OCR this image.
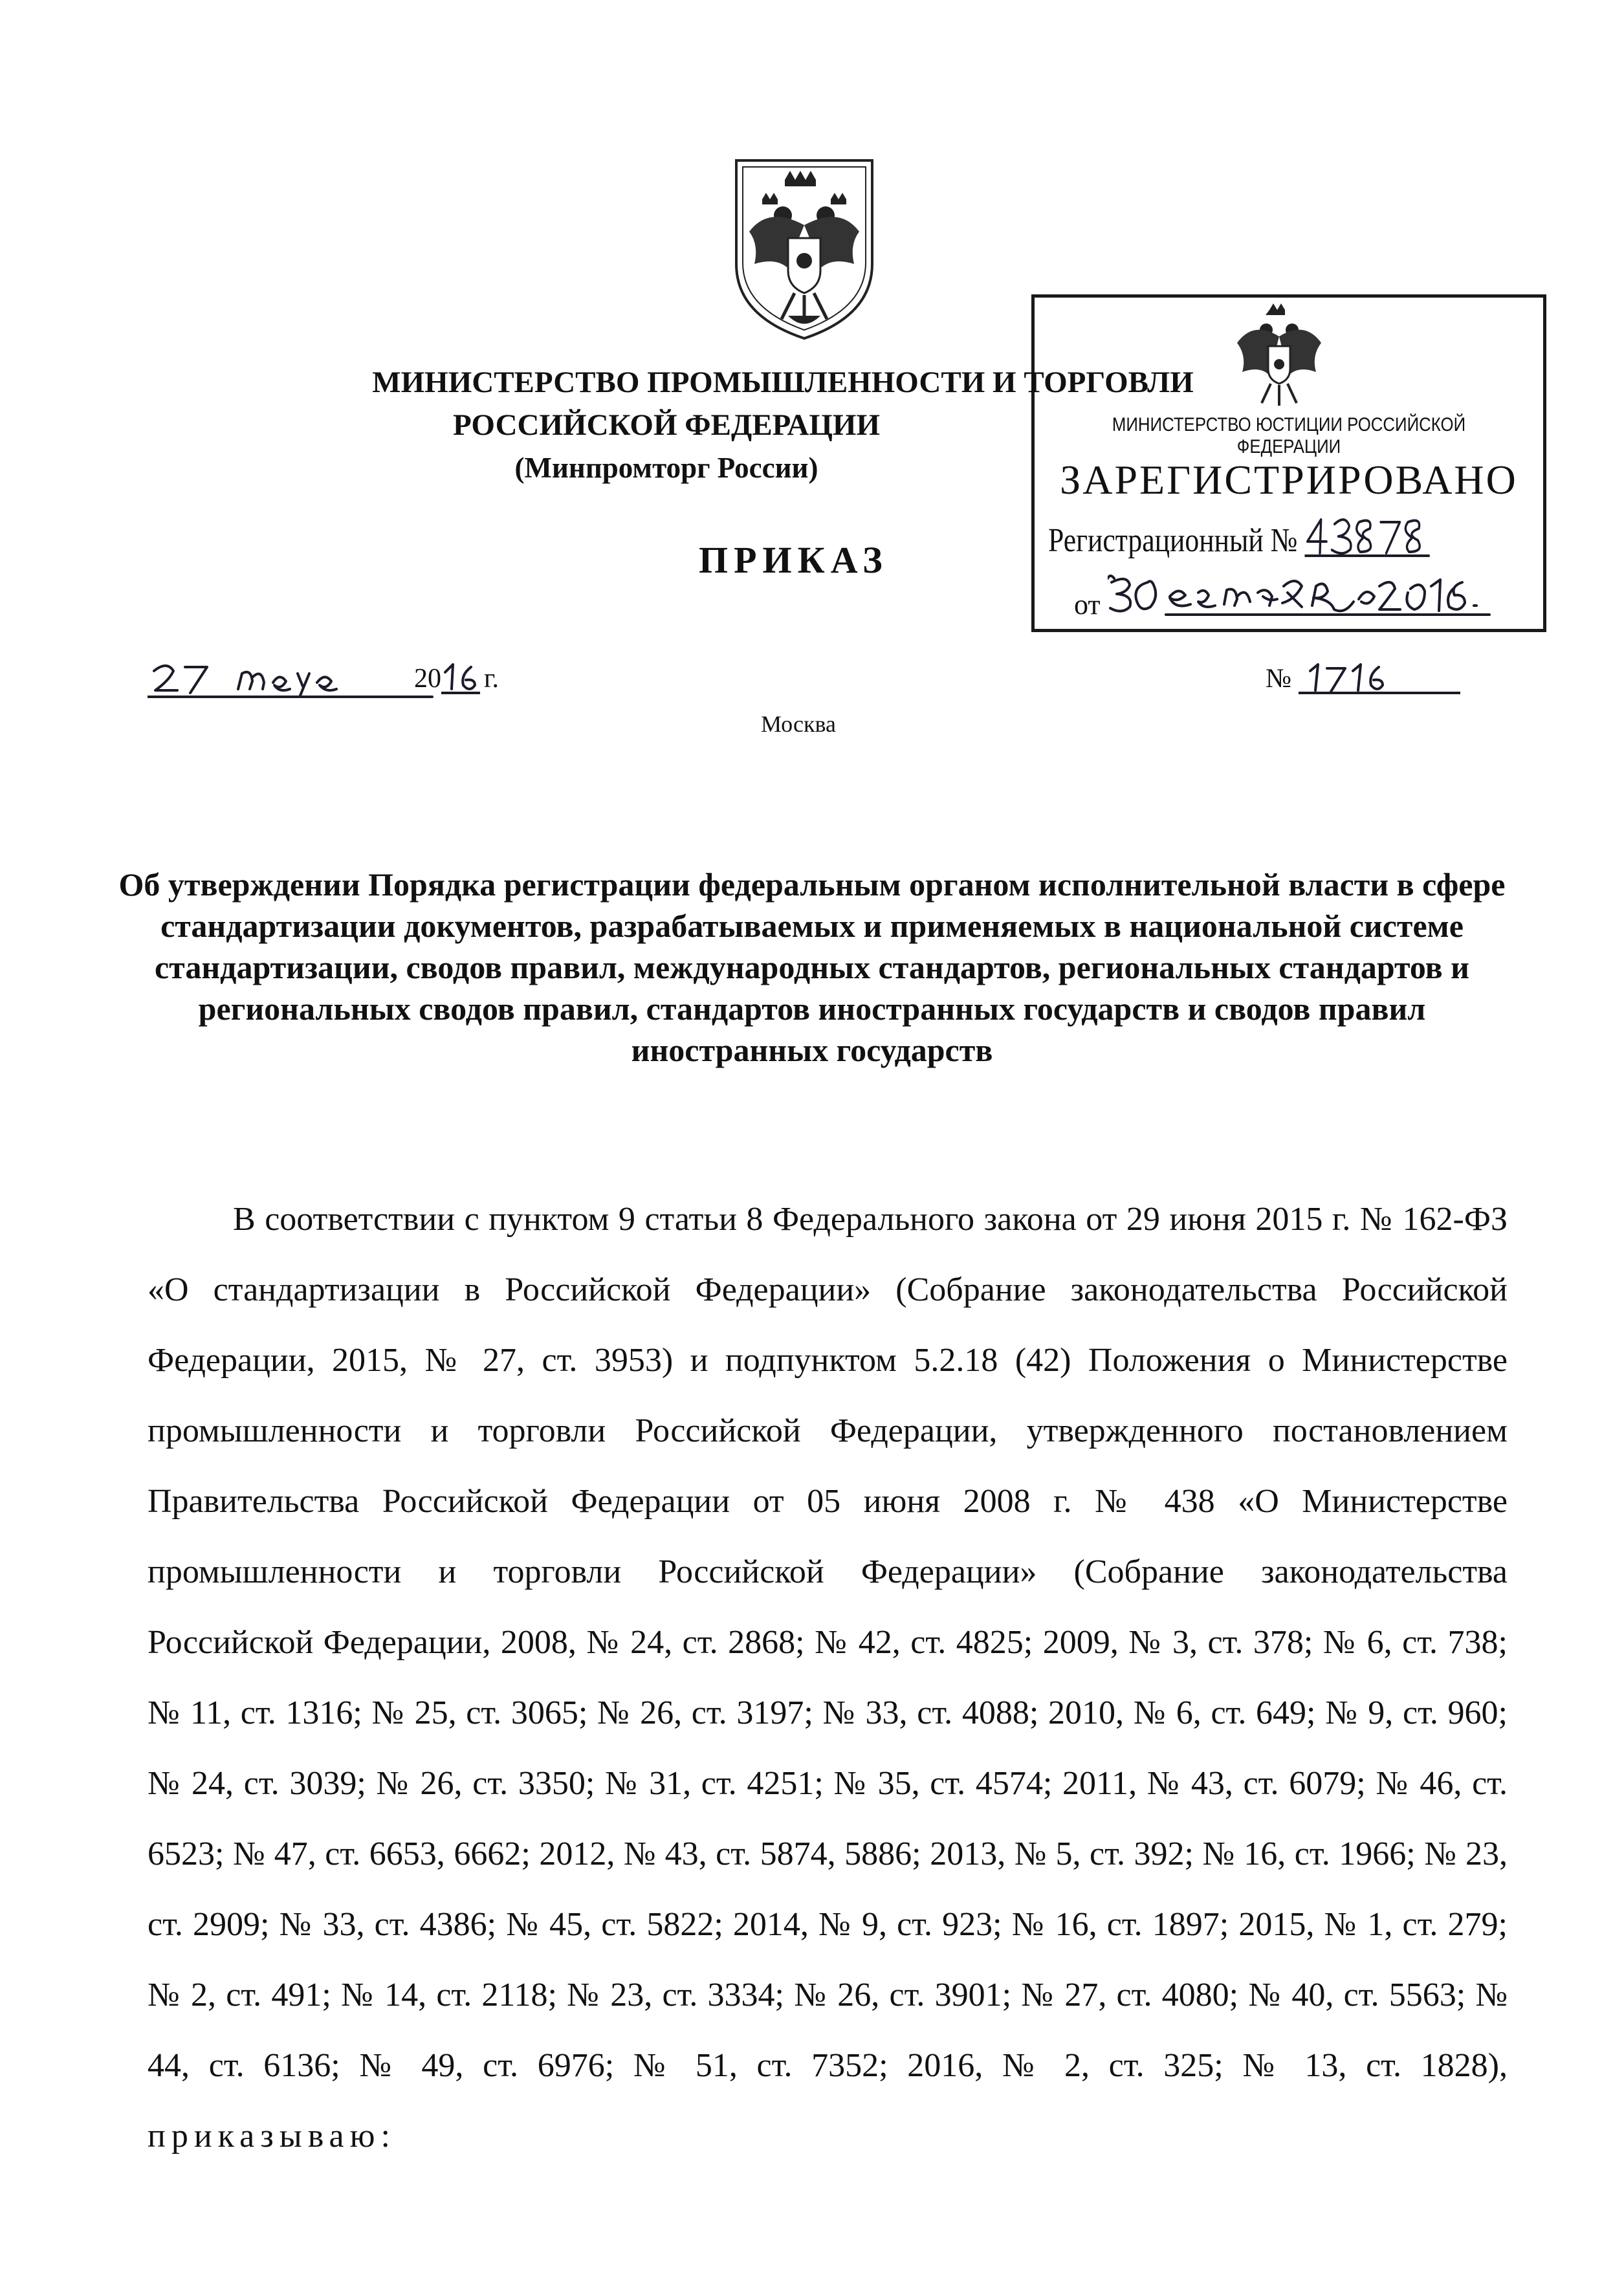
МИНИСТЕРСТВО ЮСТИЦИИ РОССИЙСКОЙ ФЕДЕРАЦИИ
ЗАРЕГИСТРИРОВАНО
Регистрационный №
от
МИНИСТЕРСТВО ПРОМЫШЛЕННОСТИ И ТОРГОВЛИ
РОССИЙСКОЙ ФЕДЕРАЦИИ
(Минпромторг России)
ПРИКАЗ
20 г.	№
Москва
Об утверждении Порядка регистрации федеральным органом исполнительной власти в сфере стандартизации документов, разрабатываемых и применяемых в национальной системе стандартизации, сводов правил, международных стандартов, региональных стандартов и региональных сводов правил, стандартов иностранных государств и сводов правил иностранных государств
В соответствии с пунктом 9 статьи 8 Федерального закона от 29 июня 2015 г. № 162-ФЗ «О стандартизации в Российской Федерации» (Собрание законодательства Российской Федерации, 2015, № 27, ст. 3953) и подпунктом 5.2.18 (42) Положения о Министерстве промышленности и торговли Российской Федерации, утвержденного постановлением Правительства Российской Федерации от 05 июня 2008 г. № 438 «О Министерстве промышленности и торговли Российской Федерации» (Собрание законодательства Российской Федерации, 2008, № 24, ст. 2868; № 42, ст. 4825; 2009, № 3, ст. 378; № 6, ст. 738; № 11, ст. 1316; № 25, ст. 3065; № 26, ст. 3197; № 33, ст. 4088; 2010, № 6, ст. 649; № 9, ст. 960; № 24, ст. 3039; № 26, ст. 3350; № 31, ст. 4251; № 35, ст. 4574; 2011, № 43, ст. 6079; № 46, ст. 6523; № 47, ст. 6653, 6662; 2012, № 43, ст. 5874, 5886; 2013, № 5, ст. 392; № 16, ст. 1966; № 23, ст. 2909; № 33, ст. 4386; № 45, ст. 5822; 2014, № 9, ст. 923; № 16, ст. 1897; 2015, № 1, ст. 279; № 2, ст. 491; № 14, ст. 2118; № 23, ст. 3334; № 26, ст. 3901; № 27, ст. 4080; № 40, ст. 5563; № 44, ст. 6136; № 49, ст. 6976; № 51, ст. 7352; 2016, № 2, ст. 325; № 13, ст. 1828), приказываю:
